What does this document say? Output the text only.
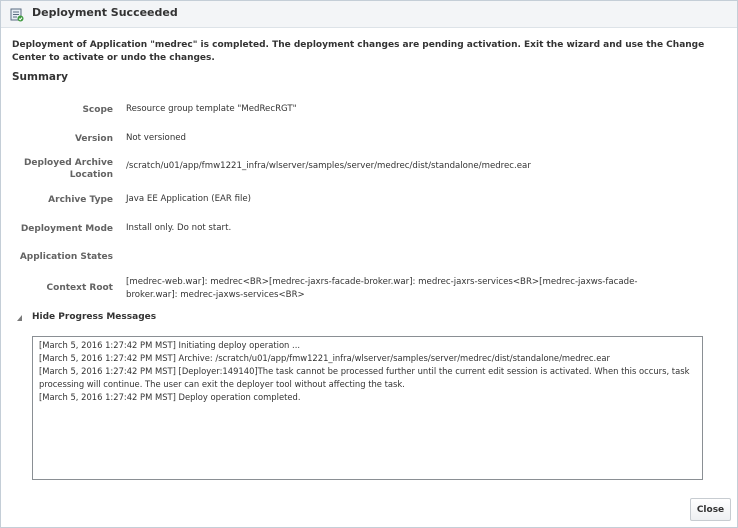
Deployment Succeeded
Deployment of Application "medrec" is completed. The deployment changes are pending activation. Exit the wizard and use the Change Center to activate or undo the changes.
Summary
Scope Resource group template "MedRecRGT"
Version Not versioned
Deployed Archive Location
/scratch/u01/app/fmw1221_infra/wlserver/samples/server/medrec/dist/standalone/medrec.ear
Archive Type Java EE Application (EAR file)
Deployment Mode Install only. Do not start.
Application States
Context Root
[medrec-web.war]: medrec<BR>[medrec-jaxrs-facade-broker.war]: medrec-jaxrs-services<BR>[medrec-jaxws-facade-broker.war]: medrec-jaxws-services<BR>
Hide Progress Messages
[March 5, 2016 1:27:42 PM MST] Initiating deploy operation ...
[March 5, 2016 1:27:42 PM MST] Archive: /scratch/u01/app/fmw1221_infra/wlserver/samples/server/medrec/dist/standalone/medrec.ear
[March 5, 2016 1:27:42 PM MST] [Deployer:149140]The task cannot be processed further until the current edit session is activated. When this occurs, task processing will continue. The user can exit the deployer tool without affecting the task.
[March 5, 2016 1:27:42 PM MST] Deploy operation completed.
Close
